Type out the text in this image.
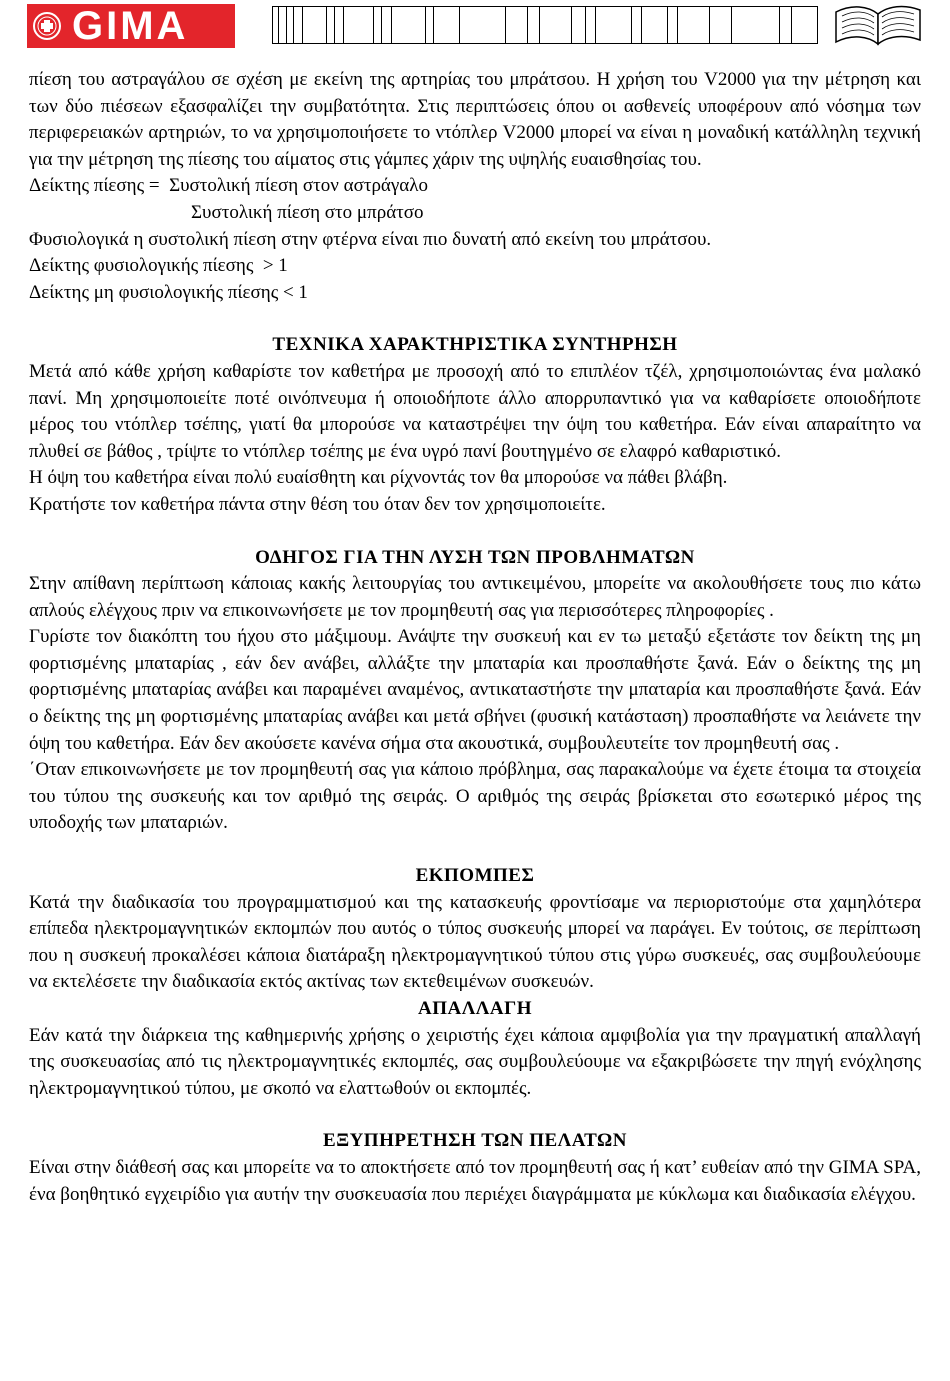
GIMA

πίεση του αστραγάλου σε σχέση με εκείνη της αρτηρίας του μπράτσου. Η χρήση του V2000 για την μέτρηση και των δύο πιέσεων εξασφαλίζει την συμβατότητα. Στις περιπτώσεις όπου οι ασθενείς υποφέρουν από νόσημα των περιφερειακών αρτηριών, το να χρησιμοποιήσετε το ντόπλερ V2000 μπορεί να είναι η μοναδική κατάλληλη τεχνική για την μέτρηση της πίεσης του αίματος στις γάμπες χάριν της υψηλής ευαισθησίας του.

Δείκτης πίεσης = Συστολική πίεση στον αστράγαλο

Συστολική πίεση στο μπράτσο

Φυσιολογικά η συστολική πίεση στην φτέρνα είναι πιο δυνατή από εκείνη του μπράτσου.

Δείκτης φυσιολογικής πίεσης  > 1

Δείκτης μη φυσιολογικής πίεσης < 1

ΤΕΧΝΙΚΑ ΧΑΡΑΚΤΗΡΙΣΤΙΚΑ ΣΥΝΤΗΡΗΣΗ

Μετά από κάθε χρήση καθαρίστε τον καθετήρα με προσοχή από το επιπλέον τζέλ, χρησιμοποιώντας ένα μαλακό πανί. Μη χρησιμοποιείτε ποτέ οινόπνευμα ή οποιοδήποτε άλλο απορρυπαντικό για να καθαρίσετε οποιοδήποτε μέρος του ντόπλερ τσέπης, γιατί θα μπορούσε να καταστρέψει την όψη του καθετήρα. Εάν είναι απαραίτητο να πλυθεί σε βάθος , τρίψτε το ντόπλερ τσέπης με ένα υγρό πανί βουτηγμένο σε ελαφρό καθαριστικό.

Η όψη του καθετήρα είναι πολύ ευαίσθητη και ρίχνοντάς τον θα μπορούσε να πάθει βλάβη.

Κρατήστε τον καθετήρα πάντα στην θέση του όταν δεν τον χρησιμοποιείτε.

ΟΔΗΓΟΣ ΓΙΑ ΤΗΝ ΛΥΣΗ ΤΩΝ ΠΡΟΒΛΗΜΑΤΩΝ

Στην απίθανη περίπτωση κάποιας κακής λειτουργίας του αντικειμένου, μπορείτε να ακολουθήσετε τους πιο κάτω απλούς ελέγχους πριν να επικοινωνήσετε με τον προμηθευτή σας για περισσότερες πληροφορίες .

Γυρίστε τον διακόπτη του ήχου στο μάξιμουμ. Ανάψτε την συσκευή και εν τω μεταξύ εξετάστε τον δείκτη της μη φορτισμένης μπαταρίας , εάν δεν ανάβει, αλλάξτε την μπαταρία και προσπαθήστε ξανά. Εάν ο δείκτης της μη φορτισμένης μπαταρίας ανάβει και παραμένει αναμένος, αντικαταστήστε την μπαταρία και προσπαθήστε ξανά. Εάν ο δείκτης της μη φορτισμένης μπαταρίας ανάβει και μετά σβήνει (φυσική κατάσταση) προσπαθήστε να λειάνετε την όψη του καθετήρα. Εάν δεν ακούσετε κανένα σήμα στα ακουστικά, συμβουλευτείτε τον προμηθευτή σας .

΄Οταν επικοινωνήσετε με τον προμηθευτή σας για κάποιο πρόβλημα, σας παρακαλούμε να έχετε έτοιμα τα στοιχεία του τύπου της συσκευής και τον αριθμό της σειράς. Ο αριθμός της σειράς βρίσκεται στο εσωτερικό μέρος της υποδοχής των μπαταριών.

ΕΚΠΟΜΠΕΣ

Κατά την διαδικασία του προγραμματισμού και της κατασκευής φροντίσαμε να περιοριστούμε στα χαμηλότερα επίπεδα ηλεκτρομαγνητικών εκπομπών που αυτός ο τύπος συσκευής μπορεί να παράγει. Εν τούτοις, σε περίπτωση που η συσκευή προκαλέσει κάποια διατάραξη ηλεκτρομαγνητικού τύπου στις γύρω συσκευές, σας συμβουλεύουμε να εκτελέσετε την διαδικασία εκτός ακτίνας των εκτεθειμένων συσκευών.

ΑΠΑΛΛΑΓΗ

Εάν κατά την διάρκεια της καθημερινής χρήσης ο χειριστής έχει κάποια αμφιβολία για την πραγματική απαλλαγή της συσκευασίας από τις ηλεκτρομαγνητικές εκπομπές, σας συμβουλεύουμε να εξακριβώσετε την πηγή ενόχλησης ηλεκτρομαγνητικού τύπου, με σκοπό να ελαττωθούν οι εκπομπές.

ΕΞΥΠΗΡΕΤΗΣΗ ΤΩΝ ΠΕΛΑΤΩΝ

Είναι στην διάθεσή σας και μπορείτε να το αποκτήσετε από τον προμηθευτή σας ή κατ’ ευθείαν από την GIMA SPA, ένα βοηθητικό εγχειρίδιο για αυτήν την συσκευασία που περιέχει διαγράμματα με κύκλωμα και διαδικασία ελέγχου.
